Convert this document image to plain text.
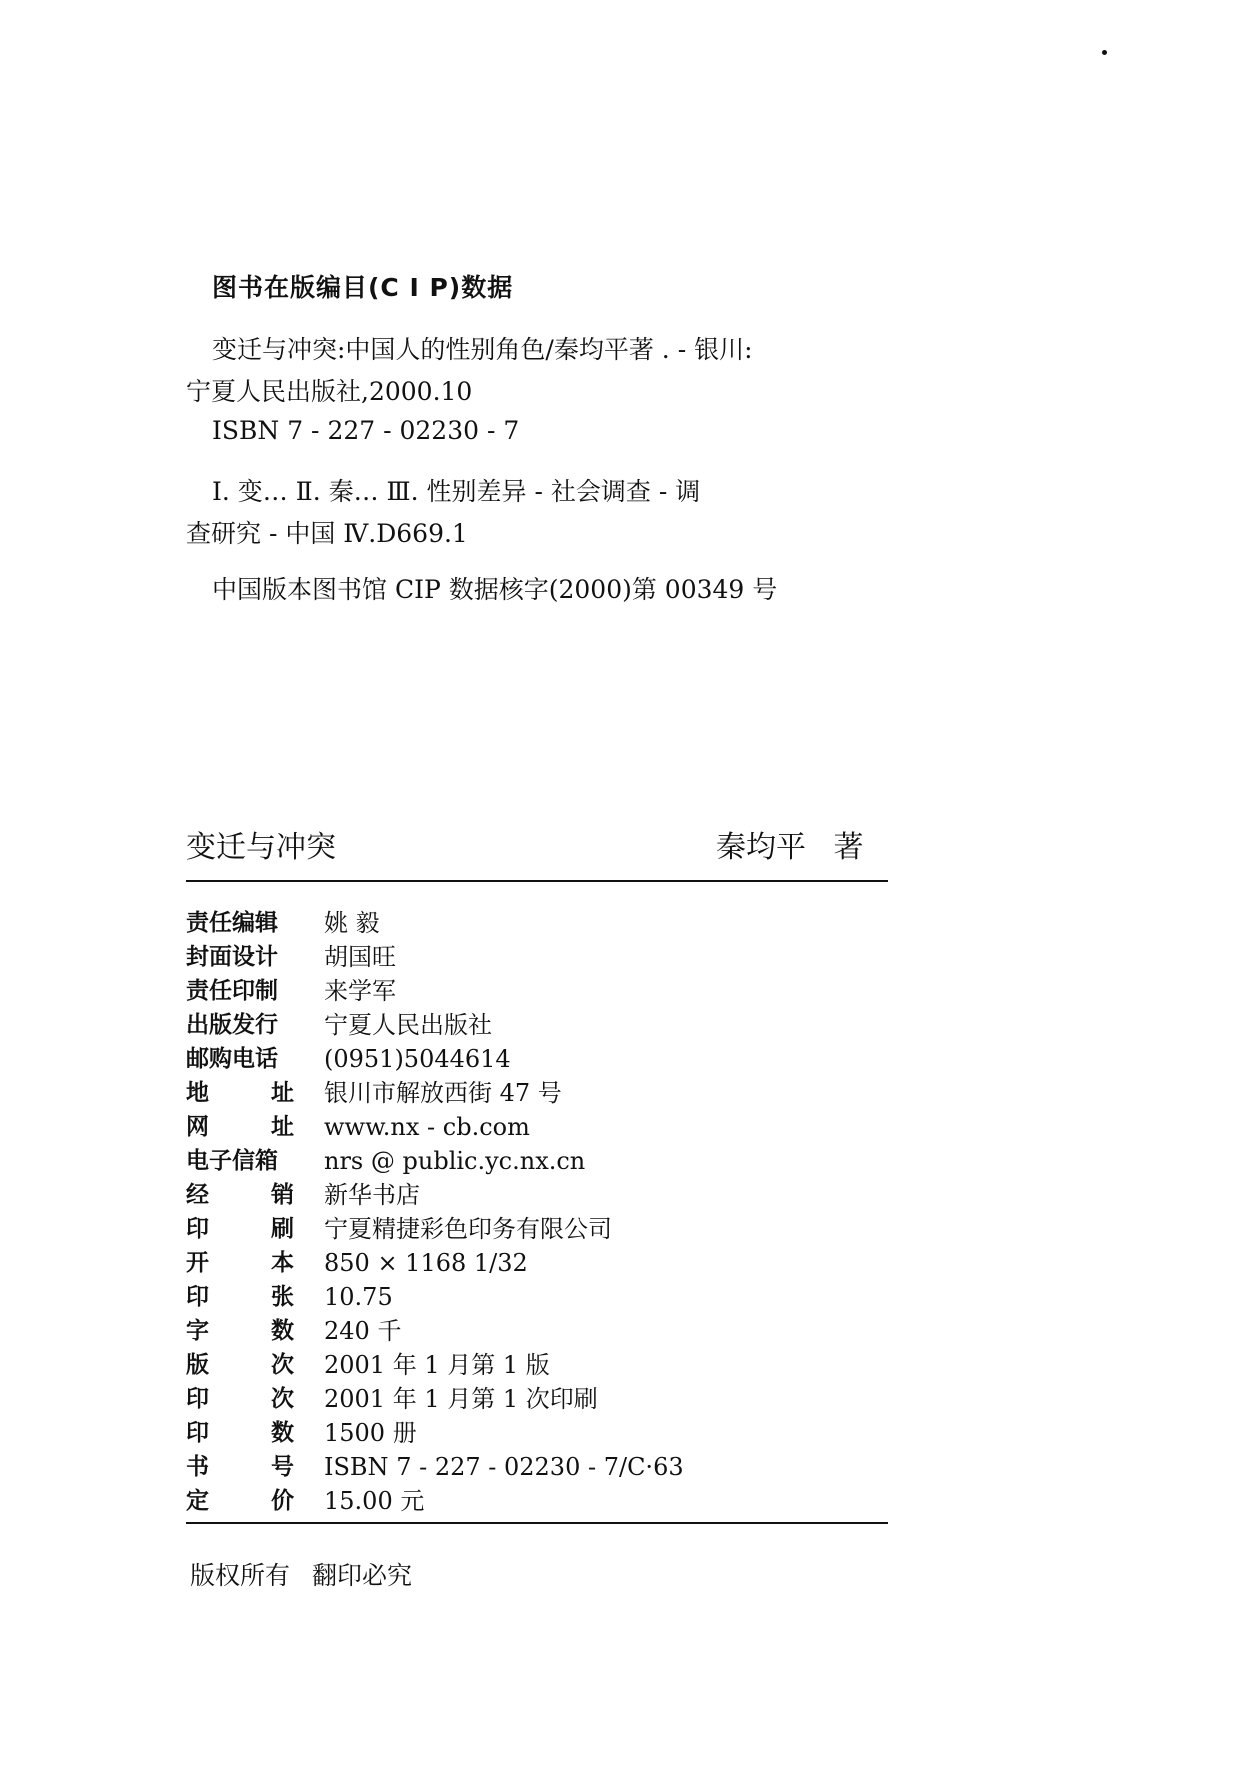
图书在版编目(C I P)数据
变迁与冲突:中国人的性别角色/秦均平著 . - 银川:
宁夏人民出版社,2000.10
ISBN 7 - 227 - 02230 - 7
Ⅰ. 变… Ⅱ. 秦… Ⅲ. 性别差异 - 社会调查 - 调
查研究 - 中国 Ⅳ.D669.1
中国版本图书馆 CIP 数据核字(2000)第 00349 号
变迁与冲突	秦均平 著
责任编辑	姚 毅
封面设计	胡国旺
责任印制	来学军
出版发行	宁夏人民出版社
邮购电话	(0951)5044614
地	址 银川市解放西街 47 号
网	址 www.nx - cb.com
电子信箱	nrs @ public.yc.nx.cn
经	销 新华书店
印	刷 宁夏精捷彩色印务有限公司
开	本 850 × 1168 1/32
印	张 10.75
字	数 240 千
版	次 2001 年 1 月第 1 版
印	次 2001 年 1 月第 1 次印刷
印	数 1500 册
书	号 ISBN 7 - 227 - 02230 - 7/C·63
定	价 15.00 元
版权所有 翻印必究
